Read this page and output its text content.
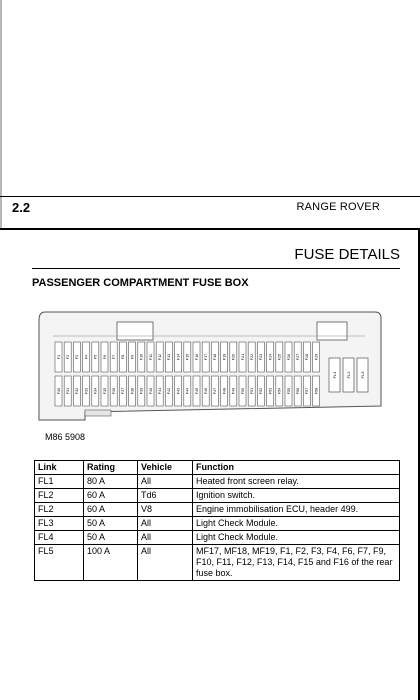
2.2	RANGE ROVER
FUSE DETAILS
PASSENGER COMPARTMENT FUSE BOX
F1 F2 F3 F4 F5 F6 F7 F8 F9 F10 F11 F12 F13 F14 F15 F16 F17 F18 F19 F20 F21 F22 F23 F24 F25 F26 F27 F28 F29
F30 F31 F32 F33 F34 F35 F36 F37 F38 F39 F40 F41 F42 F43 F44 F45 F46 F47 F48 F49 F50 F51 F52 F53 F54 F55 F56 F57 F58
FL1 FL2 FL3
M86 5908
Link	Rating	Vehicle	Function
FL1	80 A	All	Heated front screen relay.
FL2	60 A	Td6	Ignition switch.
FL2	60 A	V8	Engine immobilisation ECU, header 499.
FL3	50 A	All	Light Check Module.
FL4	50 A	All	Light Check Module.
FL5	100 A	All	MF17, MF18, MF19, F1, F2, F3, F4, F6, F7, F9, F10, F11, F12, F13, F14, F15 and F16 of the rear fuse box.
